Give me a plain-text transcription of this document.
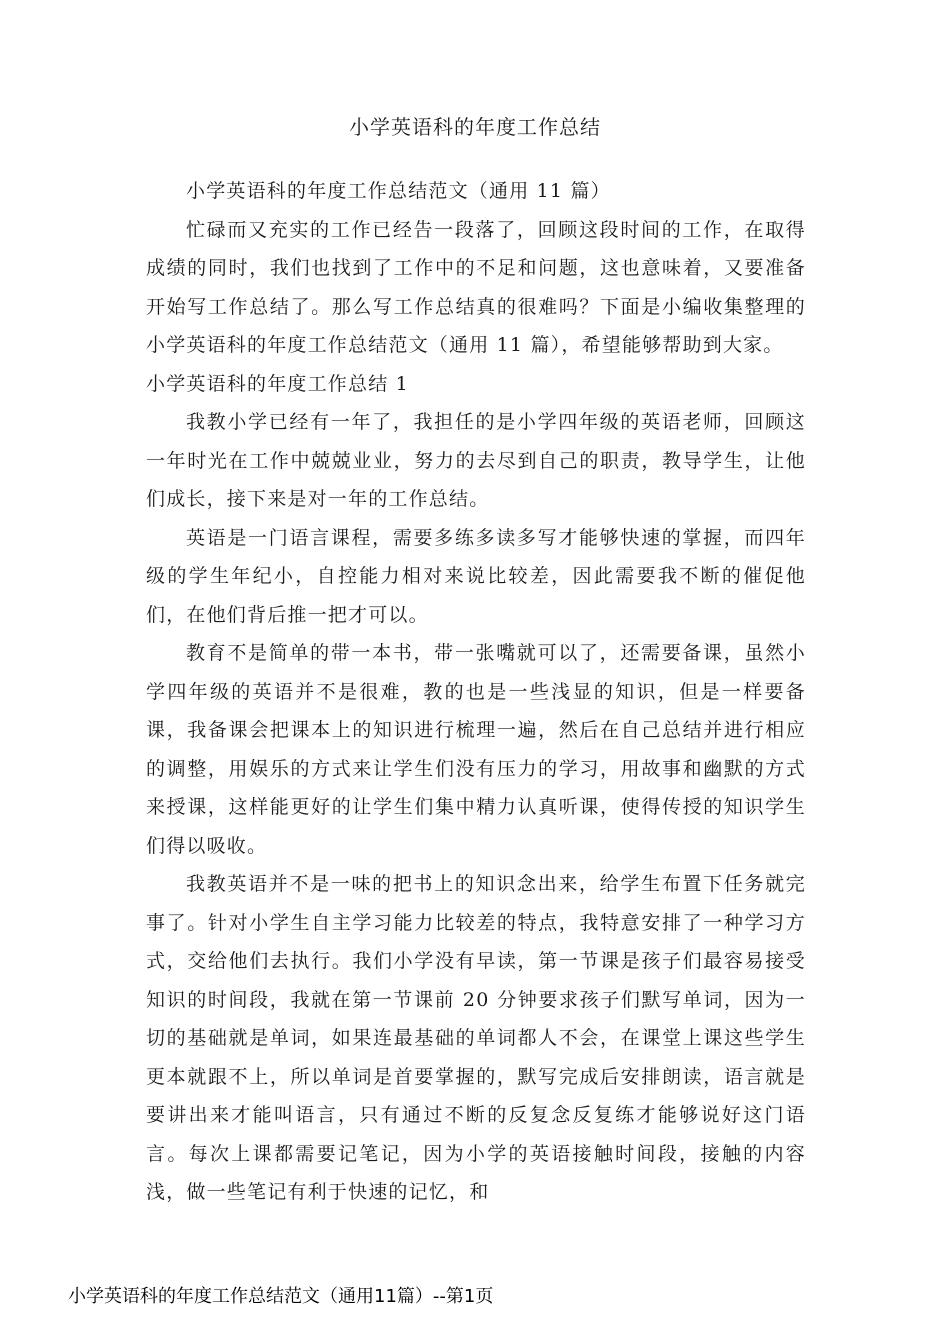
小学英语科的年度工作总结

小学英语科的年度工作总结范文（通用 11 篇）

忙碌而又充实的工作已经告一段落了，回顾这段时间的工作，在取得成绩的同时，我们也找到了工作中的不足和问题，这也意味着，又要准备开始写工作总结了。那么写工作总结真的很难吗？下面是小编收集整理的小学英语科的年度工作总结范文（通用 11 篇），希望能够帮助到大家。

小学英语科的年度工作总结 1

我教小学已经有一年了，我担任的是小学四年级的英语老师，回顾这一年时光在工作中兢兢业业，努力的去尽到自己的职责，教导学生，让他们成长，接下来是对一年的工作总结。

英语是一门语言课程，需要多练多读多写才能够快速的掌握，而四年级的学生年纪小，自控能力相对来说比较差，因此需要我不断的催促他们，在他们背后推一把才可以。

教育不是简单的带一本书，带一张嘴就可以了，还需要备课，虽然小学四年级的英语并不是很难，教的也是一些浅显的知识，但是一样要备课，我备课会把课本上的知识进行梳理一遍，然后在自己总结并进行相应的调整，用娱乐的方式来让学生们没有压力的学习，用故事和幽默的方式来授课，这样能更好的让学生们集中精力认真听课，使得传授的知识学生们得以吸收。

我教英语并不是一味的把书上的知识念出来，给学生布置下任务就完事了。针对小学生自主学习能力比较差的特点，我特意安排了一种学习方式，交给他们去执行。我们小学没有早读，第一节课是孩子们最容易接受知识的时间段，我就在第一节课前 20 分钟要求孩子们默写单词，因为一切的基础就是单词，如果连最基础的单词都人不会，在课堂上课这些学生更本就跟不上，所以单词是首要掌握的，默写完成后安排朗读，语言就是要讲出来才能叫语言，只有通过不断的反复念反复练才能够说好这门语言。每次上课都需要记笔记，因为小学的英语接触时间段，接触的内容浅，做一些笔记有利于快速的记忆，和

小学英语科的年度工作总结范文（通用11篇）--第1页
